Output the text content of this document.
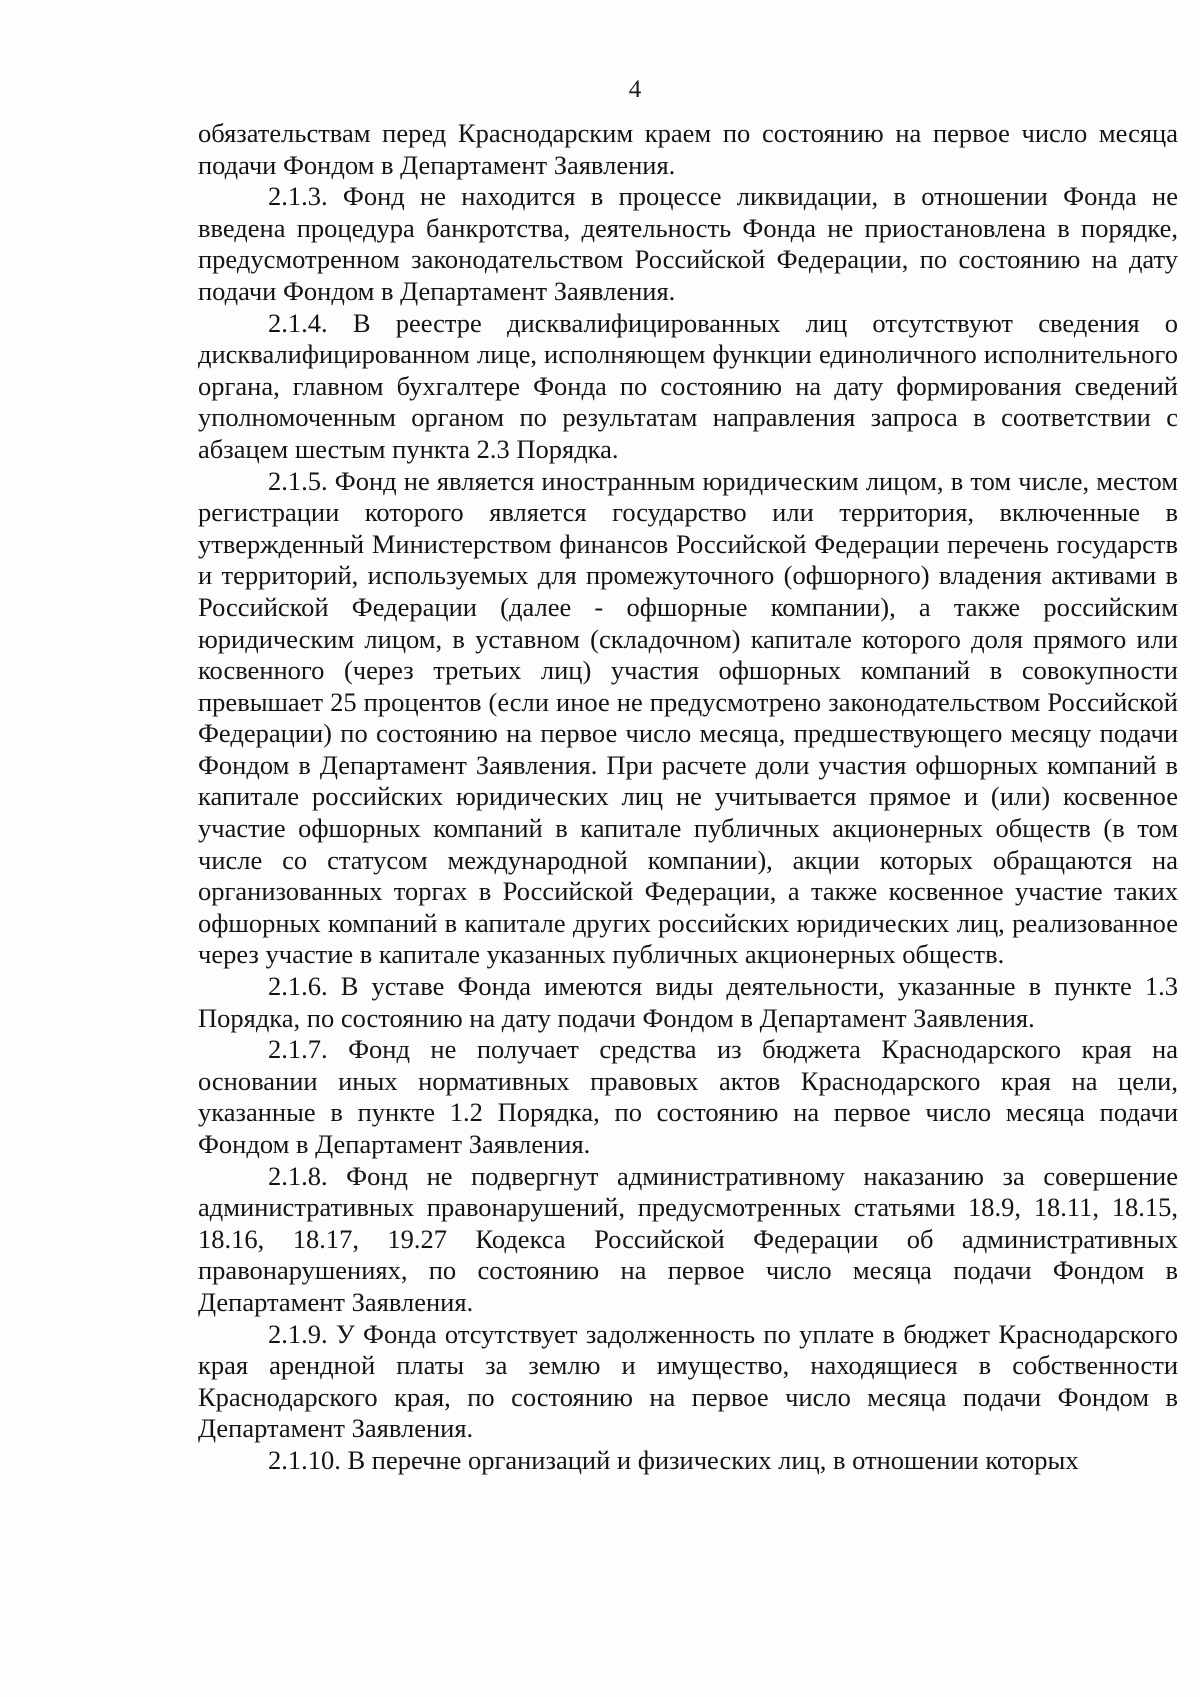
4

обязательствам перед Краснодарским краем по состоянию на первое число месяца подачи Фондом в Департамент Заявления.

2.1.3. Фонд не находится в процессе ликвидации, в отношении Фонда не введена процедура банкротства, деятельность Фонда не приостановлена в порядке, предусмотренном законодательством Российской Федерации, по состоянию на дату подачи Фондом в Департамент Заявления.

2.1.4. В реестре дисквалифицированных лиц отсутствуют сведения о дисквалифицированном лице, исполняющем функции единоличного исполнительного органа, главном бухгалтере Фонда по состоянию на дату формирования сведений уполномоченным органом по результатам направления запроса в соответствии с абзацем шестым пункта 2.3 Порядка.

2.1.5. Фонд не является иностранным юридическим лицом, в том числе, местом регистрации которого является государство или территория, включенные в утвержденный Министерством финансов Российской Федерации перечень государств и территорий, используемых для промежуточного (офшорного) владения активами в Российской Федерации (далее - офшорные компании), а также российским юридическим лицом, в уставном (складочном) капитале которого доля прямого или косвенного (через третьих лиц) участия офшорных компаний в совокупности превышает 25 процентов (если иное не предусмотрено законодательством Российской Федерации) по состоянию на первое число месяца, предшествующего месяцу подачи Фондом в Департамент Заявления. При расчете доли участия офшорных компаний в капитале российских юридических лиц не учитывается прямое и (или) косвенное участие офшорных компаний в капитале публичных акционерных обществ (в том числе со статусом международной компании), акции которых обращаются на организованных торгах в Российской Федерации, а также косвенное участие таких офшорных компаний в капитале других российских юридических лиц, реализованное через участие в капитале указанных публичных акционерных обществ.

2.1.6. В уставе Фонда имеются виды деятельности, указанные в пункте 1.3 Порядка, по состоянию на дату подачи Фондом в Департамент Заявления.

2.1.7. Фонд не получает средства из бюджета Краснодарского края на основании иных нормативных правовых актов Краснодарского края на цели, указанные в пункте 1.2 Порядка, по состоянию на первое число месяца подачи Фондом в Департамент Заявления.

2.1.8. Фонд не подвергнут административному наказанию за совершение административных правонарушений, предусмотренных статьями 18.9, 18.11, 18.15, 18.16, 18.17, 19.27 Кодекса Российской Федерации об административных правонарушениях, по состоянию на первое число месяца подачи Фондом в Департамент Заявления.

2.1.9. У Фонда отсутствует задолженность по уплате в бюджет Краснодарского края арендной платы за землю и имущество, находящиеся в собственности Краснодарского края, по состоянию на первое число месяца подачи Фондом в Департамент Заявления.

2.1.10. В перечне организаций и физических лиц, в отношении которых
